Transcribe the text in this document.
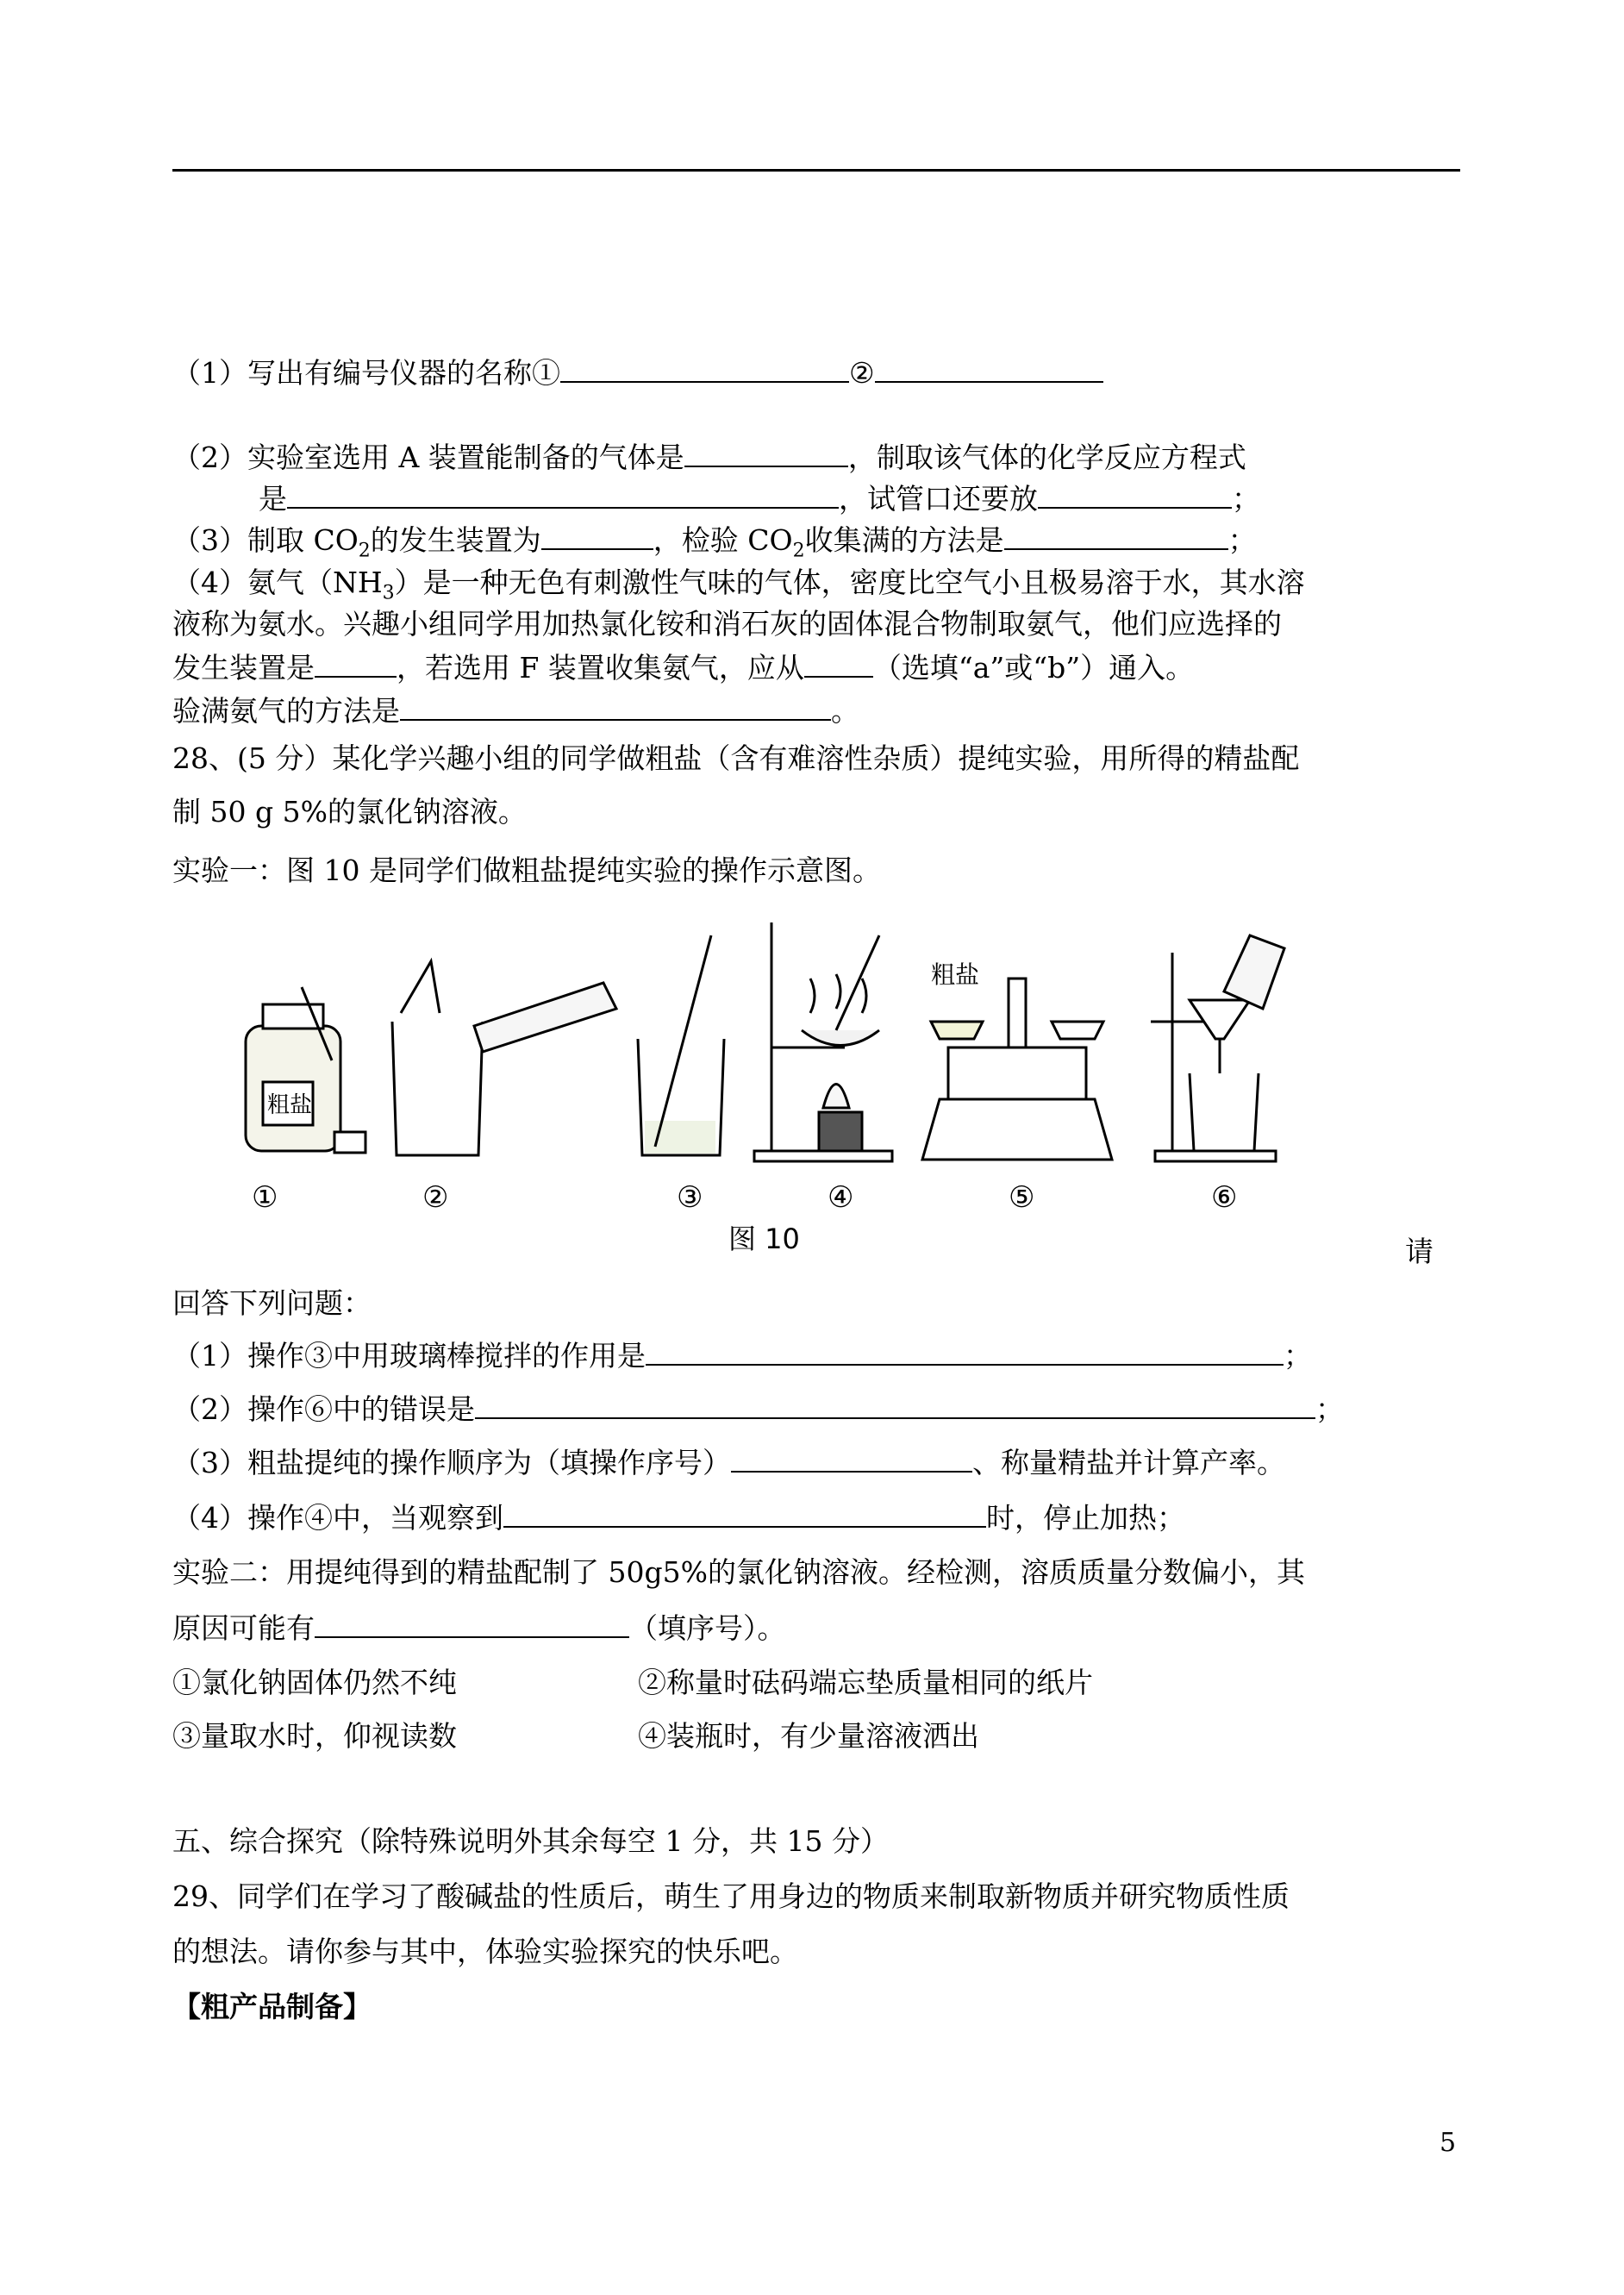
（1）写出有编号仪器的名称①	②
（2）实验室选用 A 装置能制备的气体是	，制取该气体的化学反应方程式
是	，试管口还要放	；
（3）制取 $CO_2$的发生装置为	，检验 $CO_2$收集满的方法是	；
（4）氨气$(NH_3)$是一种无色有刺激性气味的气体，密度比空气小且极易溶于水，其水溶
液称为氨水。兴趣小组同学用加热氯化铵和消石灰的固体混合物制取氨气，他们应选择的
发生装置是	，若选用 F 装置收集氨气，应从 （选填“a”或“b”）通入。
验满氨气的方法是	。
28、(5 分）某化学兴趣小组的同学做粗盐（含有难溶性杂质）提纯实验，用所得的精盐配
制 50 g 5%的氯化钠溶液。
实验一：图 10 是同学们做粗盐提纯实验的操作示意图。
粗盐
粗盐
①	②	③	④	⑤	⑥
图 10	请
回答下列问题：
（1）操作③中用玻璃棒搅拌的作用是	；
（2）操作⑥中的错误是	；
（3）粗盐提纯的操作顺序为（填操作序号）	、称量精盐并计算产率。
（4）操作④中，当观察到	时，停止加热；
实验二：用提纯得到的精盐配制了 50g5%的氯化钠溶液。经检测，溶质质量分数偏小，其
原因可能有	（填序号）。
①氯化钠固体仍然不纯	②称量时砝码端忘垫质量相同的纸片
③量取水时，仰视读数	④装瓶时，有少量溶液洒出
五、综合探究（除特殊说明外其余每空 1 分，共 15 分）
29、同学们在学习了酸碱盐的性质后，萌生了用身边的物质来制取新物质并研究物质性质
的想法。请你参与其中，体验实验探究的快乐吧。
【粗产品制备】
5
